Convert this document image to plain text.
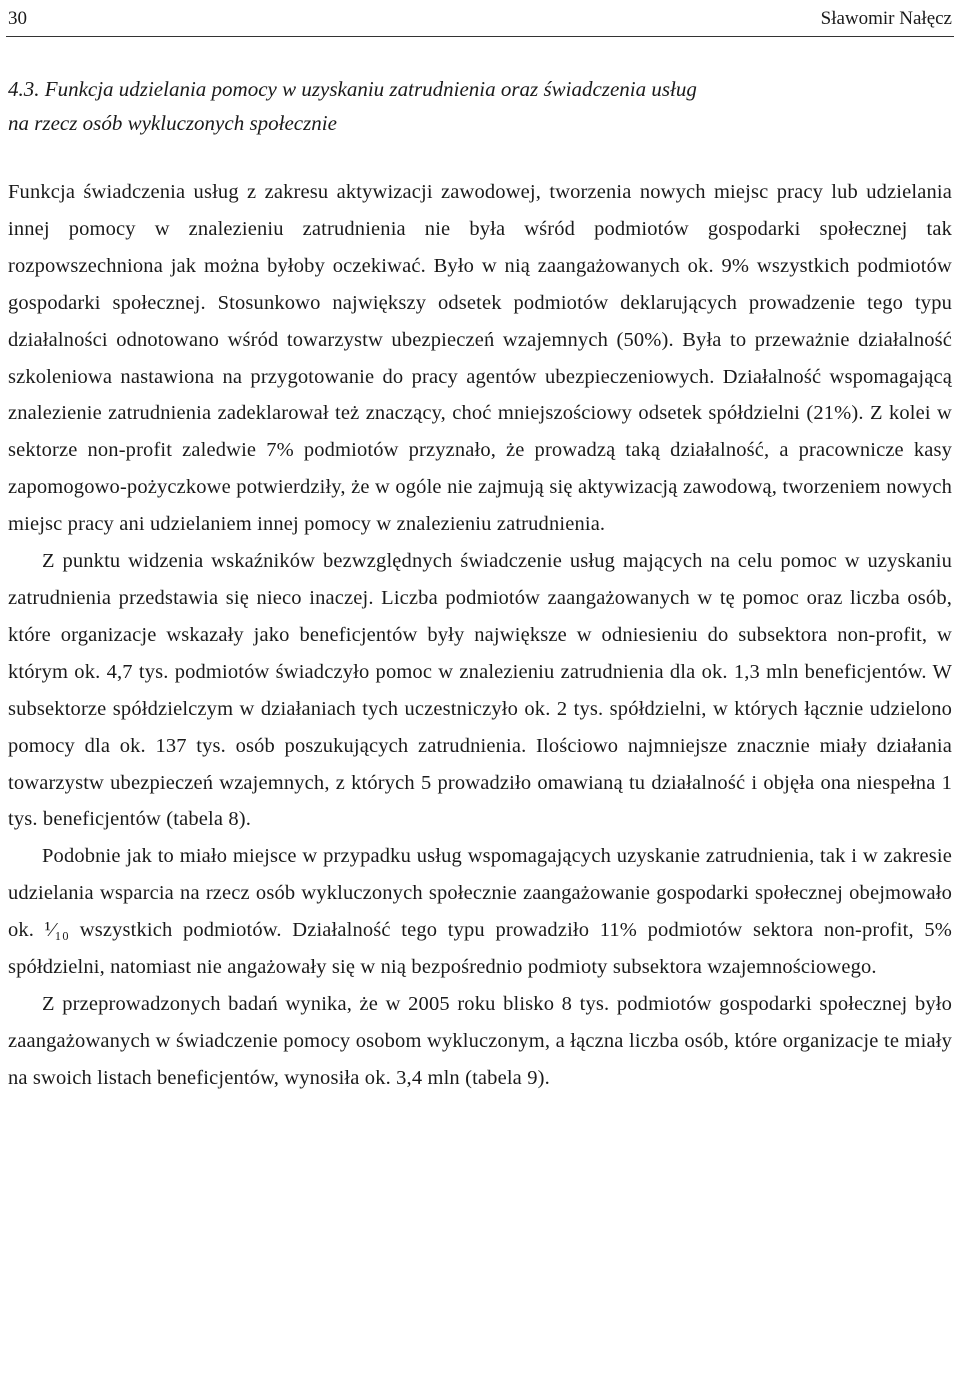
30	Sławomir Nałęcz
4.3. Funkcja udzielania pomocy w uzyskaniu zatrudnienia oraz świadczenia usług
na rzecz osób wykluczonych społecznie

Funkcja świadczenia usług z zakresu aktywizacji zawodowej, tworzenia nowych miejsc pracy lub udzielania innej pomocy w znalezieniu zatrudnienia nie była wśród podmiotów gospodarki społecznej tak rozpowszechniona jak można byłoby oczekiwać. Było w nią zaangażowanych ok. 9% wszystkich podmiotów gospodarki społecznej. Stosunkowo największy odsetek podmiotów deklarujących prowadzenie tego typu działalności odnotowano wśród towarzystw ubezpieczeń wzajemnych (50%). Była to przeważnie działalność szkoleniowa nastawiona na przygotowanie do pracy agentów ubezpieczeniowych. Działalność wspomagającą znalezienie zatrudnienia zadeklarował też znaczący, choć mniejszościowy odsetek spółdzielni (21%). Z kolei w sektorze non-profit zaledwie 7% podmiotów przyznało, że prowadzą taką działalność, a pracownicze kasy zapomogowo-pożyczkowe potwierdziły, że w ogóle nie zajmują się aktywizacją zawodową, tworzeniem nowych miejsc pracy ani udzielaniem innej pomocy w znalezieniu zatrudnienia.

Z punktu widzenia wskaźników bezwzględnych świadczenie usług mających na celu pomoc w uzyskaniu zatrudnienia przedstawia się nieco inaczej. Liczba podmiotów zaangażowanych w tę pomoc oraz liczba osób, które organizacje wskazały jako beneficjentów były największe w odniesieniu do subsektora non-profit, w którym ok. 4,7 tys. podmiotów świadczyło pomoc w znalezieniu zatrudnienia dla ok. 1,3 mln beneficjentów. W subsektorze spółdzielczym w działaniach tych uczestniczyło ok. 2 tys. spółdzielni, w których łącznie udzielono pomocy dla ok. 137 tys. osób poszukujących zatrudnienia. Ilościowo najmniejsze znacznie miały działania towarzystw ubezpieczeń wzajemnych, z których 5 prowadziło omawianą tu działalność i objęła ona niespełna 1 tys. beneficjentów (tabela 8).

Podobnie jak to miało miejsce w przypadku usług wspomagających uzyskanie zatrudnienia, tak i w zakresie udzielania wsparcia na rzecz osób wykluczonych społecznie zaangażowanie gospodarki społecznej obejmowało ok. ¹⁄₁₀ wszystkich podmiotów. Działalność tego typu prowadziło 11% podmiotów sektora non-profit, 5% spółdzielni, natomiast nie angażowały się w nią bezpośrednio podmioty subsektora wzajemnościowego.

Z przeprowadzonych badań wynika, że w 2005 roku blisko 8 tys. podmiotów gospodarki społecznej było zaangażowanych w świadczenie pomocy osobom wykluczonym, a łączna liczba osób, które organizacje te miały na swoich listach beneficjentów, wynosiła ok. 3,4 mln (tabela 9).
